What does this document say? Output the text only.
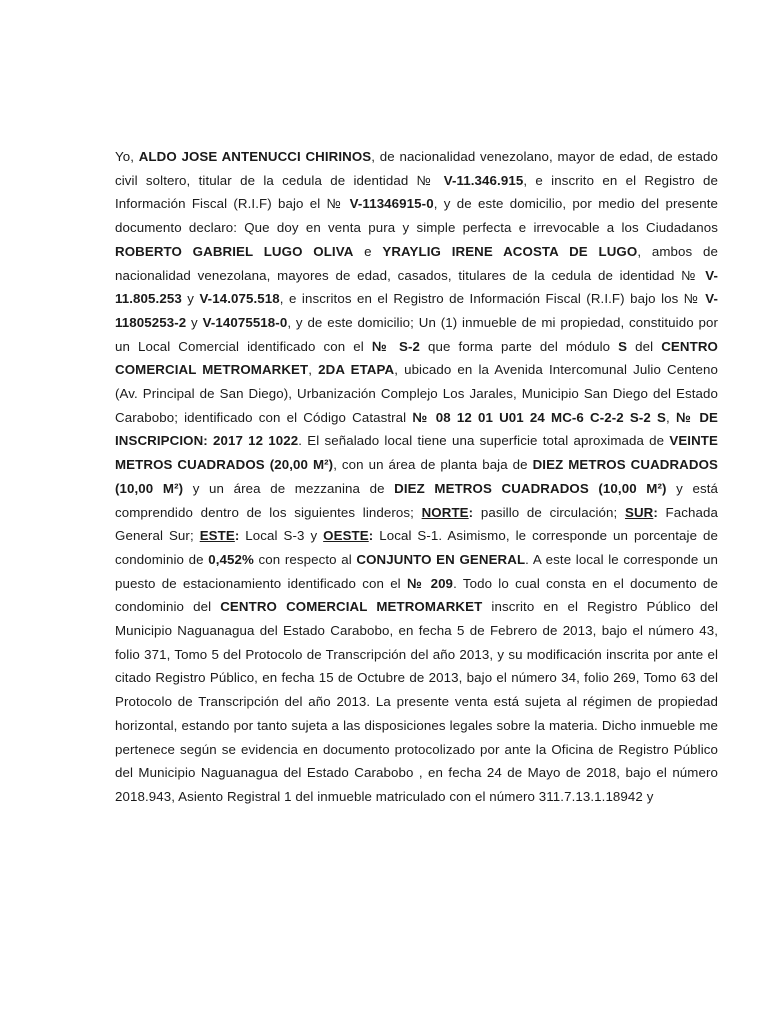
Yo, ALDO JOSE ANTENUCCI CHIRINOS, de nacionalidad venezolano, mayor de edad, de estado civil soltero, titular de la cedula de identidad № V-11.346.915, e inscrito en el Registro de Información Fiscal (R.I.F) bajo el № V-11346915-0, y de este domicilio, por medio del presente documento declaro: Que doy en venta pura y simple perfecta e irrevocable a los Ciudadanos ROBERTO GABRIEL LUGO OLIVA e YRAYLIG IRENE ACOSTA DE LUGO, ambos de nacionalidad venezolana, mayores de edad, casados, titulares de la cedula de identidad № V-11.805.253 y V-14.075.518, e inscritos en el Registro de Información Fiscal (R.I.F) bajo los № V-11805253-2 y V-14075518-0, y de este domicilio; Un (1) inmueble de mi propiedad, constituido por un Local Comercial identificado con el № S-2 que forma parte del módulo S del CENTRO COMERCIAL METROMARKET, 2DA ETAPA, ubicado en la Avenida Intercomunal Julio Centeno (Av. Principal de San Diego), Urbanización Complejo Los Jarales, Municipio San Diego del Estado Carabobo; identificado con el Código Catastral № 08 12 01 U01 24 MC-6 C-2-2 S-2 S, № DE INSCRIPCION: 2017 12 1022. El señalado local tiene una superficie total aproximada de VEINTE METROS CUADRADOS (20,00 M²), con un área de planta baja de DIEZ METROS CUADRADOS (10,00 M²) y un área de mezzanina de DIEZ METROS CUADRADOS (10,00 M²) y está comprendido dentro de los siguientes linderos; NORTE: pasillo de circulación; SUR: Fachada General Sur; ESTE: Local S-3 y OESTE: Local S-1. Asimismo, le corresponde un porcentaje de condominio de 0,452% con respecto al CONJUNTO EN GENERAL. A este local le corresponde un puesto de estacionamiento identificado con el № 209. Todo lo cual consta en el documento de condominio del CENTRO COMERCIAL METROMARKET inscrito en el Registro Público del Municipio Naguanagua del Estado Carabobo, en fecha 5 de Febrero de 2013, bajo el número 43, folio 371, Tomo 5 del Protocolo de Transcripción del año 2013, y su modificación inscrita por ante el citado Registro Público, en fecha 15 de Octubre de 2013, bajo el número 34, folio 269, Tomo 63 del Protocolo de Transcripción del año 2013. La presente venta está sujeta al régimen de propiedad horizontal, estando por tanto sujeta a las disposiciones legales sobre la materia. Dicho inmueble me pertenece según se evidencia en documento protocolizado por ante la Oficina de Registro Público del Municipio Naguanagua del Estado Carabobo , en fecha 24 de Mayo de 2018, bajo el número 2018.943, Asiento Registral 1 del inmueble matriculado con el número 311.7.13.1.18942 y
